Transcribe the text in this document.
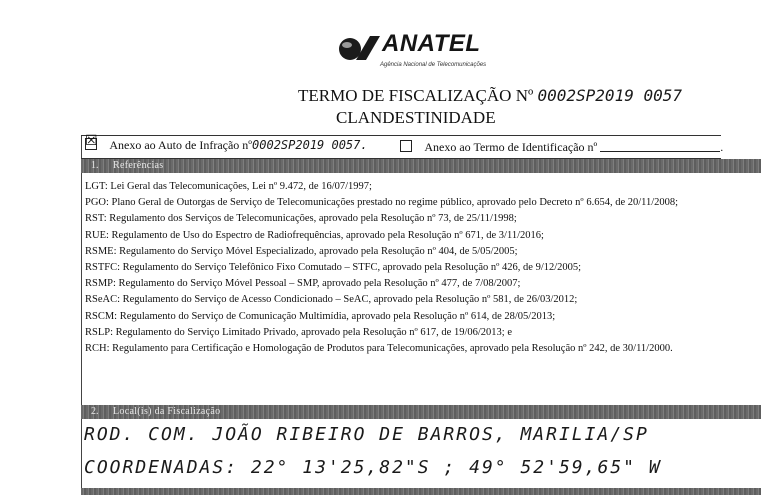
ANATEL
Agência Nacional de Telecomunicações
TERMO DE FISCALIZAÇÃO Nº 0002SP2019 0057
CLANDESTINIDADE
☒ Anexo ao Auto de Infração nº0002SP2019 0057.	Anexo ao Termo de Identificação nº	.
1. Referências
LGT: Lei Geral das Telecomunicações, Lei nº 9.472, de 16/07/1997;
PGO: Plano Geral de Outorgas de Serviço de Telecomunicações prestado no regime público, aprovado pelo Decreto nº 6.654, de 20/11/2008;
RST: Regulamento dos Serviços de Telecomunicações, aprovado pela Resolução nº 73, de 25/11/1998;
RUE: Regulamento de Uso do Espectro de Radiofrequências, aprovado pela Resolução nº 671, de 3/11/2016;
RSME: Regulamento do Serviço Móvel Especializado, aprovado pela Resolução nº 404, de 5/05/2005;
RSTFC: Regulamento do Serviço Telefônico Fixo Comutado – STFC, aprovado pela Resolução nº 426, de 9/12/2005;
RSMP: Regulamento do Serviço Móvel Pessoal – SMP, aprovado pela Resolução nº 477, de 7/08/2007;
RSeAC: Regulamento do Serviço de Acesso Condicionado – SeAC, aprovado pela Resolução nº 581, de 26/03/2012;
RSCM: Regulamento do Serviço de Comunicação Multimídia, aprovado pela Resolução nº 614, de 28/05/2013;
RSLP: Regulamento do Serviço Limitado Privado, aprovado pela Resolução nº 617, de 19/06/2013; e
RCH: Regulamento para Certificação e Homologação de Produtos para Telecomunicações, aprovado pela Resolução nº 242, de 30/11/2000.
2. Local(is) da Fiscalização
ROD. COM. JOÃO RIBEIRO DE BARROS, MARILIA/SP
COORDENADAS: 22° 13'25,82"S ; 49° 52'59,65" W
